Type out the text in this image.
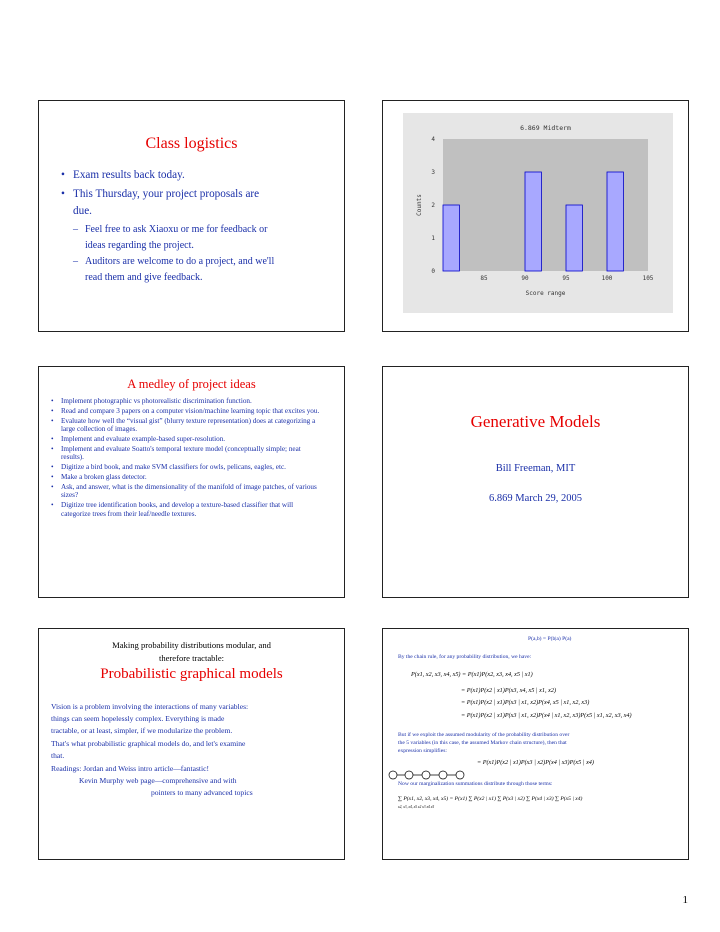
Class logistics
• Exam results back today.
• This Thursday, your project proposals are
due.
– Feel free to ask Xiaoxu or me for feedback or
ideas regarding the project.
– Auditors are welcome to do a project, and we'll
read them and give feedback.
0
1
2
3
4
85	90	95	100	105
6.869 Midterm
Score range
Counts
A medley of project ideas
• Implement photographic vs photorealistic discrimination function.
• Read and compare 3 papers on a computer vision/machine learning topic that excites you.
• Evaluate how well the “visual gist” (blurry texture representation) does at categorizing a large collection of images.
• Implement and evaluate example-based super-resolution.
• Implement and evaluate Soatto's temporal texture model (conceptually simple; neat results).
• Digitize a bird book, and make SVM classifiers for owls, pelicans, eagles, etc.
• Make a broken glass detector.
• Ask, and answer, what is the dimensionality of the manifold of image patches, of various sizes?
• Digitize tree identification books, and develop a texture-based classifier that will categorize trees from their leaf/needle textures.
Generative Models
Bill Freeman, MIT
6.869 March 29, 2005
Making probability distributions modular, and
therefore tractable:
Probabilistic graphical models
Vision is a problem involving the interactions of many variables:
things can seem hopelessly complex. Everything is made
tractable, or at least, simpler, if we modularize the problem.
That's what probabilistic graphical models do, and let's examine
that.
Readings: Jordan and Weiss intro article—fantastic!
Kevin Murphy web page—comprehensive and with
pointers to many advanced topics
P(a,b) = P(b|a) P(a)
By the chain rule, for any probability distribution, we have:
P(x1, x2, x3, x4, x5) = P(x1)P(x2, x3, x4, x5 | x1)
= P(x1)P(x2 | x1)P(x3, x4, x5 | x1, x2)
= P(x1)P(x2 | x1)P(x3 | x1, x2)P(x4, x5 | x1, x2, x3)
= P(x1)P(x2 | x1)P(x3 | x1, x2)P(x4 | x1, x2, x3)P(x5 | x1, x2, x3, x4)
But if we exploit the assumed modularity of the probability distribution over
the 5 variables (in this case, the assumed Markov chain structure), then that
expression simplifies:
= P(x1)P(x2 | x1)P(x3 | x2)P(x4 | x3)P(x5 | x4)
Now our marginalization summations distribute through those terms:
∑ P(x1, x2, x3, x4, x5) = P(x1) ∑ P(x2 | x1) ∑ P(x3 | x2) ∑ P(x4 | x3) ∑ P(x5 | x4)
x2, x3, x4, x5 x2 x3 x4 x5
1
